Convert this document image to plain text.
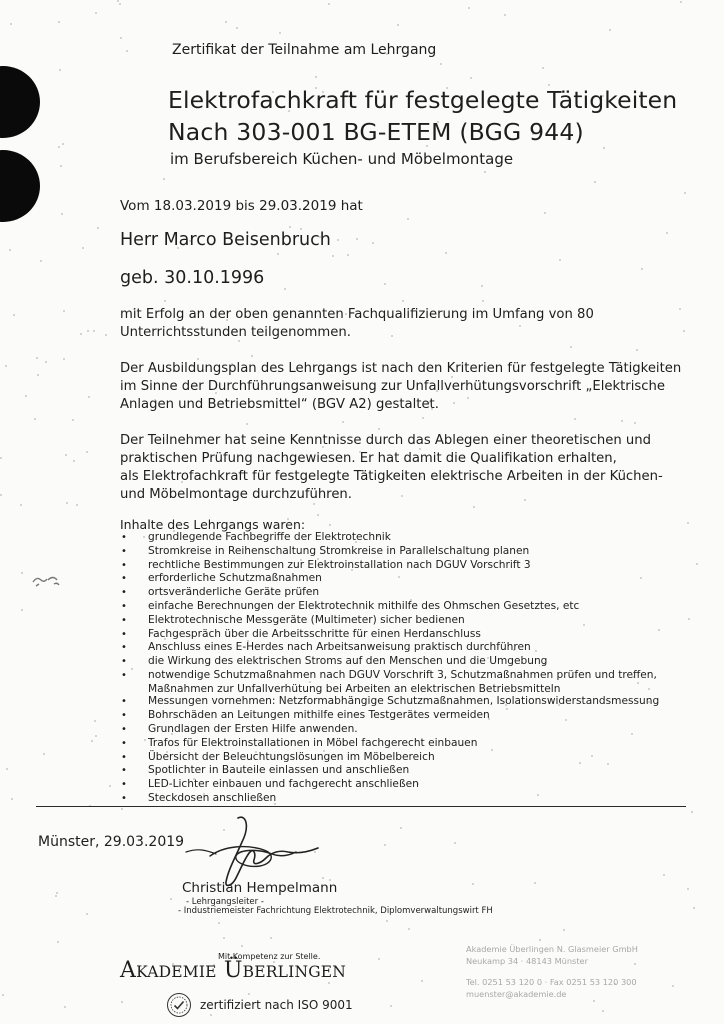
Zertifikat der Teilnahme am Lehrgang
Elektrofachkraft für festgelegte Tätigkeiten
Nach 303-001 BG-ETEM (BGG 944)
im Berufsbereich Küchen- und Möbelmontage
Vom 18.03.2019 bis 29.03.2019 hat
Herr Marco Beisenbruch
geb. 30.10.1996
mit Erfolg an der oben genannten Fachqualifizierung im Umfang von 80
Unterrichtsstunden teilgenommen.
Der Ausbildungsplan des Lehrgangs ist nach den Kriterien für festgelegte Tätigkeiten
im Sinne der Durchführungsanweisung zur Unfallverhütungsvorschrift „Elektrische
Anlagen und Betriebsmittel“ (BGV A2) gestaltet.
Der Teilnehmer hat seine Kenntnisse durch das Ablegen einer theoretischen und
praktischen Prüfung nachgewiesen. Er hat damit die Qualifikation erhalten,
als Elektrofachkraft für festgelegte Tätigkeiten elektrische Arbeiten in der Küchen-
und Möbelmontage durchzuführen.
Inhalte des Lehrgangs waren:
• grundlegende Fachbegriffe der Elektrotechnik
• Stromkreise in Reihenschaltung Stromkreise in Parallelschaltung planen
• rechtliche Bestimmungen zur Elektroinstallation nach DGUV Vorschrift 3
• erforderliche Schutzmaßnahmen
• ortsveränderliche Geräte prüfen
• einfache Berechnungen der Elektrotechnik mithilfe des Ohmschen Gesetztes, etc
• Elektrotechnische Messgeräte (Multimeter) sicher bedienen
• Fachgespräch über die Arbeitsschritte für einen Herdanschluss
• Anschluss eines E-Herdes nach Arbeitsanweisung praktisch durchführen
• die Wirkung des elektrischen Stroms auf den Menschen und die Umgebung
• notwendige Schutzmaßnahmen nach DGUV Vorschrift 3, Schutzmaßnahmen prüfen und treffen,
Maßnahmen zur Unfallverhütung bei Arbeiten an elektrischen Betriebsmitteln
• Messungen vornehmen: Netzformabhängige Schutzmaßnahmen, Isolationswiderstandsmessung
• Bohrschäden an Leitungen mithilfe eines Testgerätes vermeiden
• Grundlagen der Ersten Hilfe anwenden.
• Trafos für Elektroinstallationen in Möbel fachgerecht einbauen
• Übersicht der Beleuchtungslösungen im Möbelbereich
• Spotlichter in Bauteile einlassen und anschließen
• LED-Lichter einbauen und fachgerecht anschließen
• Steckdosen anschließen
Münster, 29.03.2019
Christian Hempelmann
- Lehrgangsleiter -
- Industriemeister Fachrichtung Elektrotechnik, Diplomverwaltungswirt FH
Mit Kompetenz zur Stelle.
AKADEMIE ÜBERLINGEN
zertifiziert nach ISO 9001
Akademie Überlingen N. Glasmeier GmbH
Neukamp 34 · 48143 Münster
Tel. 0251 53 120 0 · Fax 0251 53 120 300
muenster@akademie.de
